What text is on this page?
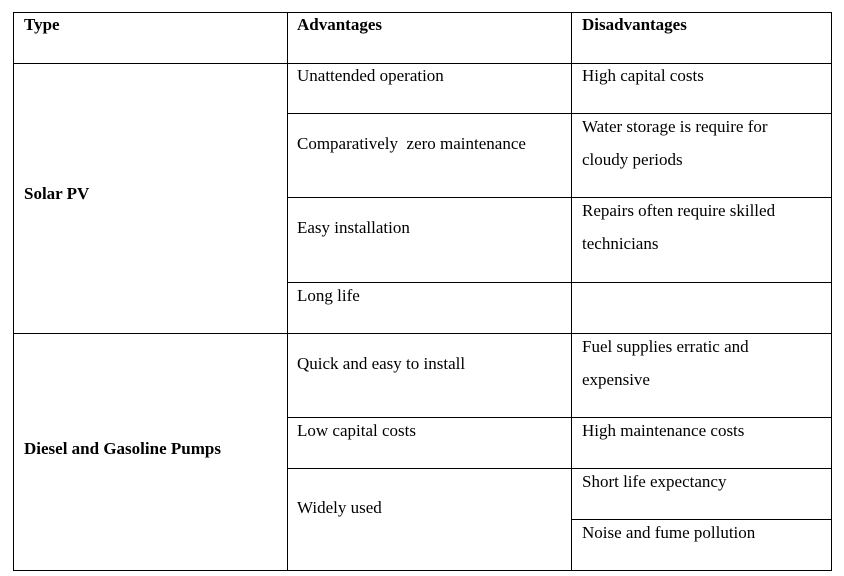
Type	Advantages	Disadvantages
Solar PV
Unattended operation
Comparatively  zero maintenance
Easy installation
Long life
High capital costs
Water storage is require for
cloudy periods
Repairs often require skilled
technicians
Diesel and Gasoline Pumps
Quick and easy to install
Low capital costs
Widely used
Fuel supplies erratic and
expensive
High maintenance costs
Short life expectancy
Noise and fume pollution
